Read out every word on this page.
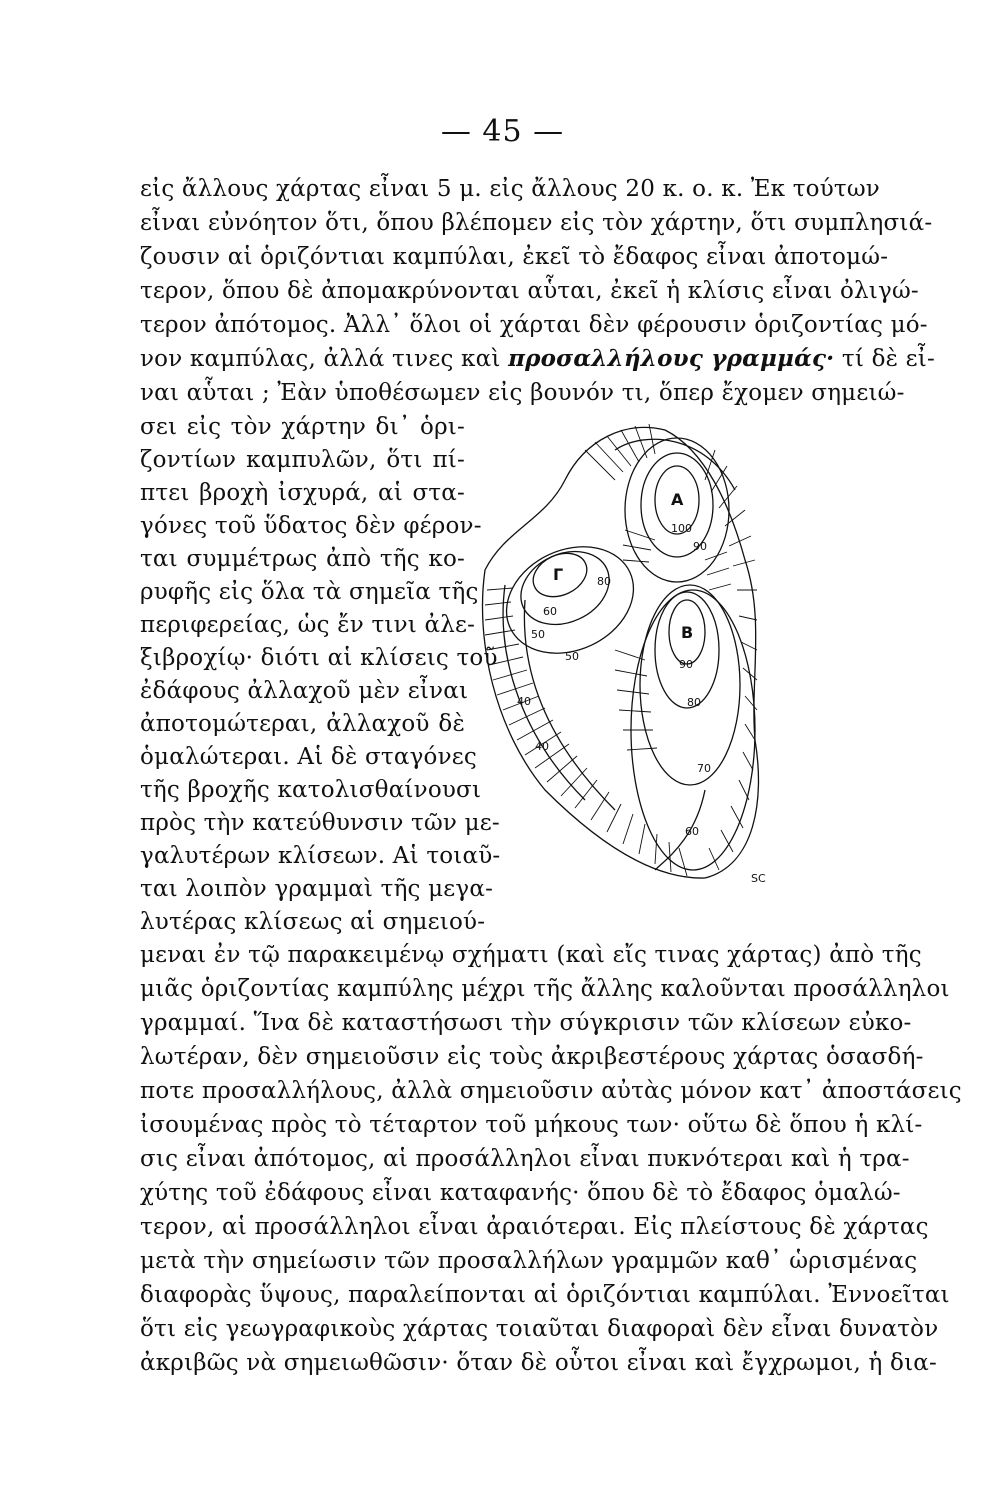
— 45 —
εἰς ἄλλους χάρτας εἶναι 5 μ. εἰς ἄλλους 20 κ. ο. κ. Ἐκ τούτων
εἶναι εὐνόητον ὅτι, ὅπου βλέπομεν εἰς τὸν χάρτην, ὅτι συμπλησιά-
ζουσιν αἱ ὁριζόντιαι καμπύλαι, ἐκεῖ τὸ ἔδαφος εἶναι ἀποτομώ-
τερον, ὅπου δὲ ἀπομακρύνονται αὗται, ἐκεῖ ἡ κλίσις εἶναι ὀλιγώ-
τερον ἀπότομος. Ἀλλ᾽ ὅλοι οἱ χάρται δὲν φέρουσιν ὁριζοντίας μό-
νον καμπύλας, ἀλλά τινες καὶ προσαλλήλους γραμμάς· τί δὲ εἶ-
ναι αὗται ; Ἐὰν ὑποθέσωμεν εἰς βουνόν τι, ὅπερ ἔχομεν σημειώ-
σει εἰς τὸν χάρτην δι᾽ ὁρι-
ζοντίων καμπυλῶν, ὅτι πί-
πτει βροχὴ ἰσχυρά, αἱ στα-
γόνες τοῦ ὕδατος δὲν φέρον-
ται συμμέτρως ἀπὸ τῆς κο-
ρυφῆς εἰς ὅλα τὰ σημεῖα τῆς
περιφερείας, ὡς ἔν τινι ἀλε-
ξιβροχίῳ· διότι αἱ κλίσεις τοῦ
ἐδάφους ἀλλαχοῦ μὲν εἶναι
ἀποτομώτεραι, ἀλλαχοῦ δὲ
ὁμαλώτεραι. Αἱ δὲ σταγόνες
τῆς βροχῆς κατολισθαίνουσι
πρὸς τὴν κατεύθυνσιν τῶν με-
γαλυτέρων κλίσεων. Αἱ τοιαῦ-
ται λοιπὸν γραμμαὶ τῆς μεγα-
λυτέρας κλίσεως αἱ σημειού-
A
Γ
B
100
90
80
60
50
40
90
80
70
60
50
40
SC
μεναι ἐν τῷ παρακειμένῳ σχήματι (καὶ εἴς τινας χάρτας) ἀπὸ τῆς
μιᾶς ὁριζοντίας καμπύλης μέχρι τῆς ἄλλης καλοῦνται προσάλληλοι
γραμμαί. Ἵνα δὲ καταστήσωσι τὴν σύγκρισιν τῶν κλίσεων εὐκο-
λωτέραν, δὲν σημειοῦσιν εἰς τοὺς ἀκριβεστέρους χάρτας ὁσασδή-
ποτε προσαλλήλους, ἀλλὰ σημειοῦσιν αὐτὰς μόνον κατ᾽ ἀποστάσεις
ἰσουμένας πρὸς τὸ τέταρτον τοῦ μήκους των· οὕτω δὲ ὅπου ἡ κλί-
σις εἶναι ἀπότομος, αἱ προσάλληλοι εἶναι πυκνότεραι καὶ ἡ τρα-
χύτης τοῦ ἐδάφους εἶναι καταφανής· ὅπου δὲ τὸ ἔδαφος ὁμαλώ-
τερον, αἱ προσάλληλοι εἶναι ἀραιότεραι. Εἰς πλείστους δὲ χάρτας
μετὰ τὴν σημείωσιν τῶν προσαλλήλων γραμμῶν καθ᾽ ὡρισμένας
διαφορὰς ὕψους, παραλείπονται αἱ ὁριζόντιαι καμπύλαι. Ἐννοεῖται
ὅτι εἰς γεωγραφικοὺς χάρτας τοιαῦται διαφοραὶ δὲν εἶναι δυνατὸν
ἀκριβῶς νὰ σημειωθῶσιν· ὅταν δὲ οὗτοι εἶναι καὶ ἔγχρωμοι, ἡ δια-
